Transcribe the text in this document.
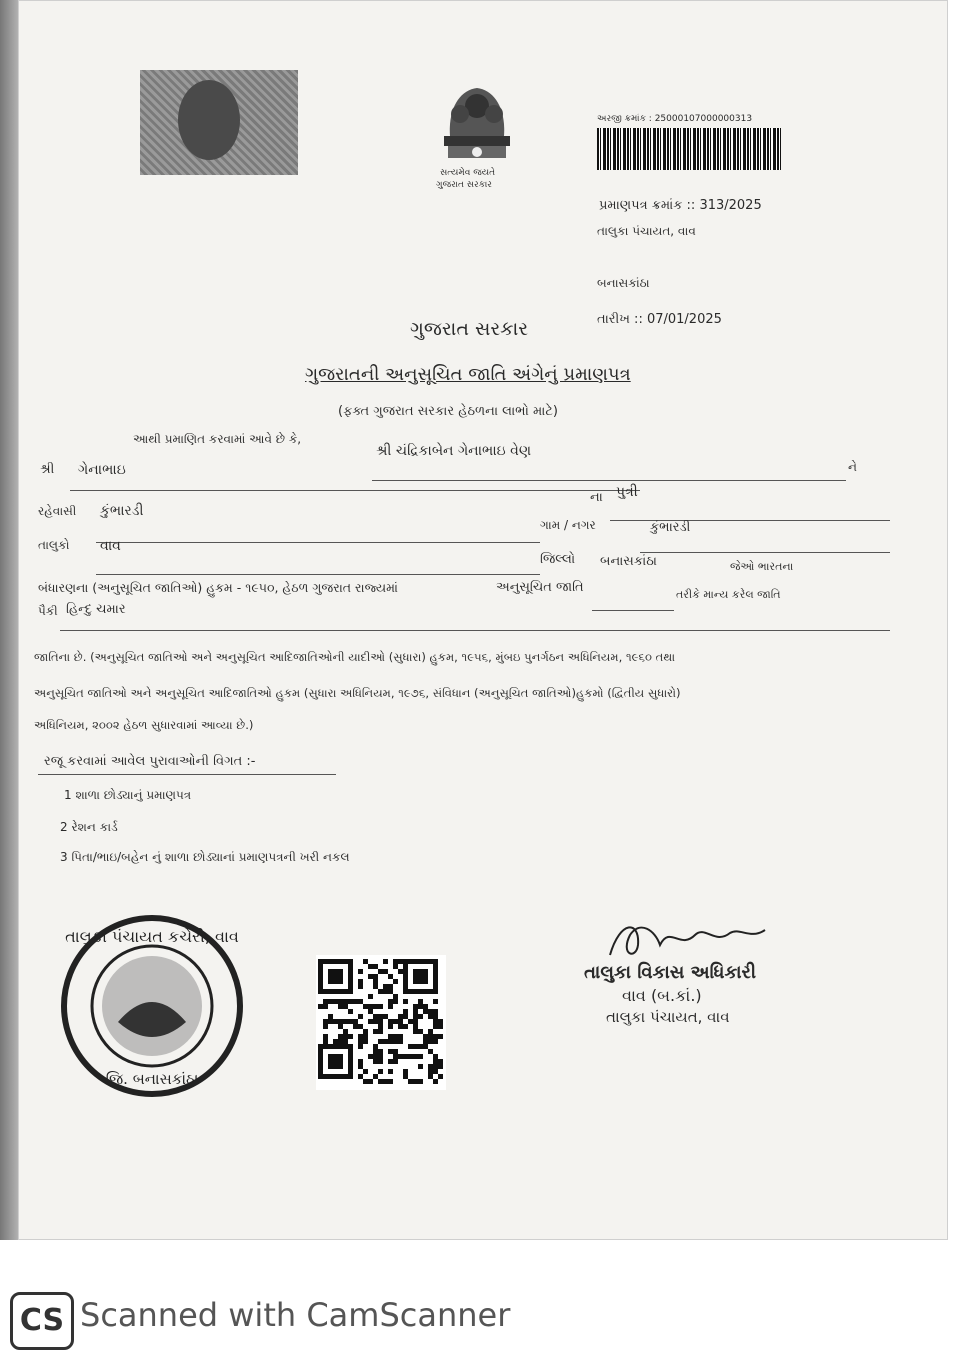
સત્યમેવ જયતે
ગુજરાત સરકાર
અરજી ક્રમાંક : 25000107000000313
પ્રમાણપત્ર ક્રમાંક :: 313/2025
તાલુકા પંચાયત, વાવ
બનાસકાંઠા
તારીખ :: 07/01/2025
ગુજરાત સરકાર
ગુજરાતની અનુસૂચિત જાતિ અંગેનું પ્રમાણપત્ર
(ફક્ત ગુજરાત સરકાર હેઠળના લાભો માટે)
આથી પ્રમાણિત કરવામાં આવે છે કે,
શ્રી ચંદ્રિકાબેન ગેનાભાઇ વેણ
ને
શ્રી ગેનાભાઇ
ના પુત્રી
રહેવાસી કુંભારડી
ગામ / નગર	કુંભારડી
તાલુકો વાવ
જિલ્લો બનાસકાંઠા	જેઓ ભારતના
બંધારણના (અનુસૂચિત જાતિઓ) હુકમ - ૧૯૫૦, હેઠળ ગુજરાત રાજ્યમાં	અનુસૂચિત જાતિ	તરીકે માન્ય કરેલ જાતિ
પૈકી હિન્દુ ચમાર
જાતિના છે. (અનુસૂચિત જાતિઓ અને અનુસૂચિત આદિજાતિઓની યાદીઓ (સુધારા) હુકમ, ૧૯૫૬, મુંબઇ પુનર્ગઠન અધિનિયમ, ૧૯૬૦ તથા
અનુસૂચિત જાતિઓ અને અનુસૂચિત આદિજાતિઓ હુકમ (સુધારા અધિનિયમ, ૧૯૭૬, સંવિધાન (અનુસૂચિત જાતિઓ)હુકમો (દ્વિતીય સુધારો)
અધિનિયમ, ૨૦૦૨ હેઠળ સુધારવામાં આવ્યા છે.)
રજૂ કરવામાં આવેલ પુરાવાઓની વિગત :-
1 શાળા છોડ્યાનું પ્રમાણપત્ર
2 રેશન કાર્ડ
3 પિતા/ભાઇ/બહેન નું શાળા છોડ્યાનાં પ્રમાણપત્રની ખરી નકલ
તાલુકા પંચાયત કચેરી, વાવ
જિ. બનાસકાંઠા
તાલુકા વિકાસ અધિકારી
વાવ (બ.કાં.)
તાલુકા પંચાયત, વાવ
CS Scanned with CamScanner
